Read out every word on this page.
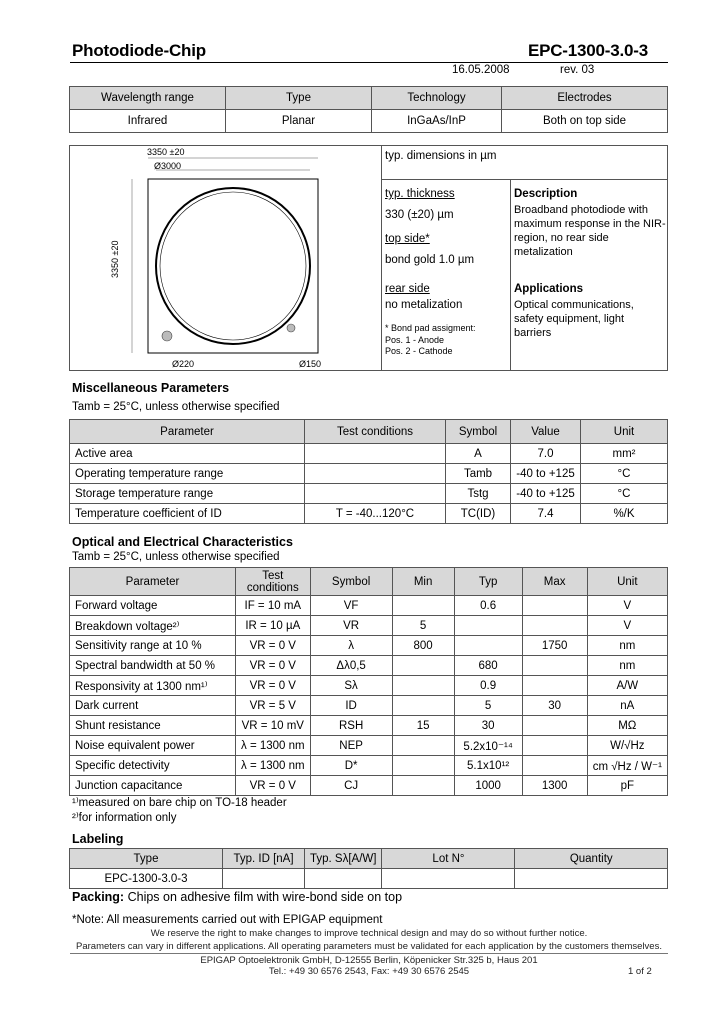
Photodiode-Chip	EPC-1300-3.0-3
16.05.2008	rev. 03
Wavelength range	Type	Technology	Electrodes
Infrared	Planar	InGaAs/InP	Both on top side
3350 ±20
Ø3000
3350 ±20
Ø220	Ø150
typ. dimensions in µm
typ. thickness
330 (±20) µm
top side*
bond gold 1.0 µm
rear side
no metalization
* Bond pad assigment:
Pos. 1 - Anode
Pos. 2 - Cathode
Description
Broadband photodiode with maximum response in the NIR-region, no rear side metalization
Applications
Optical communications, safety equipment, light barriers
Miscellaneous Parameters
Tamb = 25°C, unless otherwise specified
Parameter	Test conditions	Symbol	Value	Unit
Active area		A	7.0	mm²
Operating temperature range		Tamb	-40 to +125	°C
Storage temperature range		Tstg	-40 to +125	°C
Temperature coefficient of ID	T = -40...120°C	TC(ID)	7.4	%/K
Optical and Electrical Characteristics
Tamb = 25°C, unless otherwise specified
Parameter	Test conditions	Symbol	Min	Typ	Max	Unit
Forward voltage	IF = 10 mA	VF		0.6		V
Breakdown voltage²⁾	IR = 10 µA	VR	5			V
Sensitivity range at 10 %	VR = 0 V	λ	800		1750	nm
Spectral bandwidth at 50 %	VR = 0 V	Δλ0,5		680		nm
Responsivity at 1300 nm¹⁾	VR = 0 V	Sλ		0.9		A/W
Dark current	VR = 5 V	ID		5	30	nA
Shunt resistance	VR = 10 mV	RSH	15	30		MΩ
Noise equivalent power	λ = 1300 nm	NEP		5.2x10⁻¹⁴		W/√Hz
Specific detectivity	λ = 1300 nm	D*		5.1x10¹²		cm √Hz / W⁻¹
Junction capacitance	VR = 0 V	CJ		1000	1300	pF
¹⁾measured on bare chip on TO-18 header
²⁾for information only
Labeling
Type	Typ. ID [nA]	Typ. Sλ[A/W]	Lot N°	Quantity
EPC-1300-3.0-3				
Packing: Chips on adhesive film with wire-bond side on top
*Note: All measurements carried out with EPIGAP equipment
We reserve the right to make changes to improve technical design and may do so without further notice.
Parameters can vary in different applications. All operating parameters must be validated for each application by the customers themselves.
EPIGAP Optoelektronik GmbH, D-12555 Berlin, Köpenicker Str.325 b, Haus 201
Tel.: +49 30 6576 2543, Fax: +49 30 6576 2545	1 of 2
